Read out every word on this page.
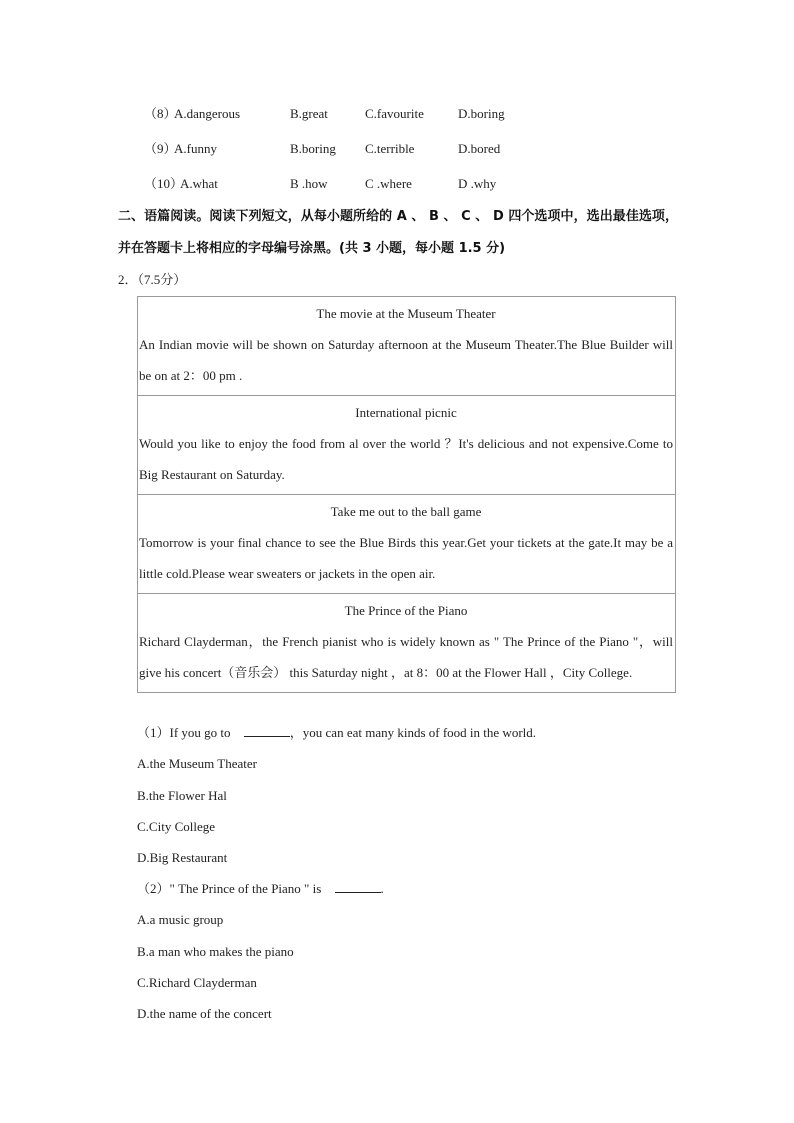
（8）
A.dangerous	B.great	C.favourite	D.boring
（9）
A.funny	B.boring C.terrible	D.bored
（10）
A.what	B .how	C .where	D .why
二、语篇阅读。阅读下列短文，从每小题所给的 A 、 B 、 C 、 D 四个选项中，选出最佳选项，并在答题卡上将相应的字母编号涂黑。(共 3 小题，每小题 1.5 分)
2．（7.5分）
The movie at the Museum Theater
An Indian movie will be shown on Saturday afternoon at the Museum Theater.The Blue Builder will be on at 2：00 pm .

International picnic
Would you like to enjoy the food from al over the world ？It's delicious and not expensive.Come to Big Restaurant on Saturday.

Take me out to the ball game
Tomorrow is your final chance to see the Blue Birds this year.Get your tickets at the gate.It may be a little cold.Please wear sweaters or jackets in the open air.

The Prince of the Piano
Richard Clayderman，the French pianist who is widely known as " The Prince of the Piano "，will give his concert（音乐会） this Saturday night ，at 8：00 at the Flower Hall ，City College.
（1）If you go to	，you can eat many kinds of food in the world.
A.the Museum Theater
B.the Flower Hal
C.City College
D.Big Restaurant
（2）" The Prince of the Piano " is	.
A.a music group
B.a man who makes the piano
C.Richard Clayderman
D.the name of the concert
